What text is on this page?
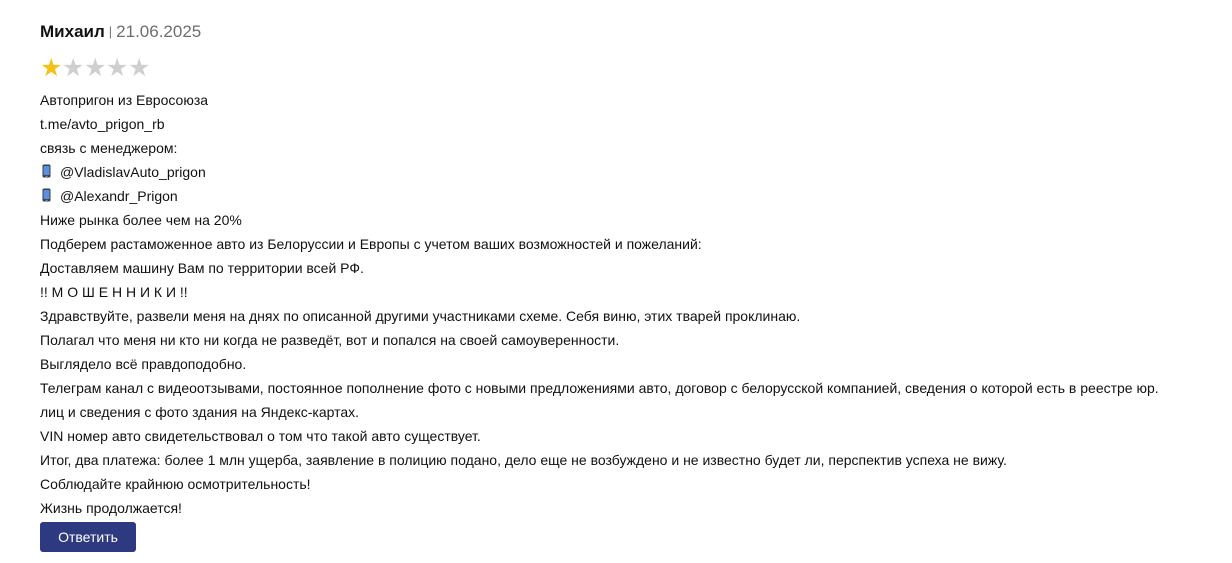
Михаил | 21.06.2025
★ ★ ★ ★ ★
Автопригон из Евросоюза
t.me/avto_prigon_rb
связь с менеджером:
@VladislavAuto_prigon
@Alexandr_Prigon
Ниже рынка более чем на 20%
Подберем растаможенное авто из Белоруссии и Европы с учетом ваших возможностей и пожеланий:
Доставляем машину Вам по территории всей РФ.
!! М О Ш Е Н Н И К И !!
Здравствуйте, развели меня на днях по описанной другими участниками схеме. Себя виню, этих тварей проклинаю.
Полагал что меня ни кто ни когда не разведёт, вот и попался на своей самоуверенности.
Выглядело всё правдоподобно.
Телеграм канал с видеоотзывами, постоянное пополнение фото с новыми предложениями авто, договор с белорусской компанией, сведения о которой есть в реестре юр.
лиц и сведения с фото здания на Яндекс-картах.
VIN номер авто свидетельствовал о том что такой авто существует.
Итог, два платежа: более 1 млн ущерба, заявление в полицию подано, дело еще не возбуждено и не известно будет ли, перспектив успеха не вижу.
Соблюдайте крайнюю осмотрительность!
Жизнь продолжается!
Ответить
